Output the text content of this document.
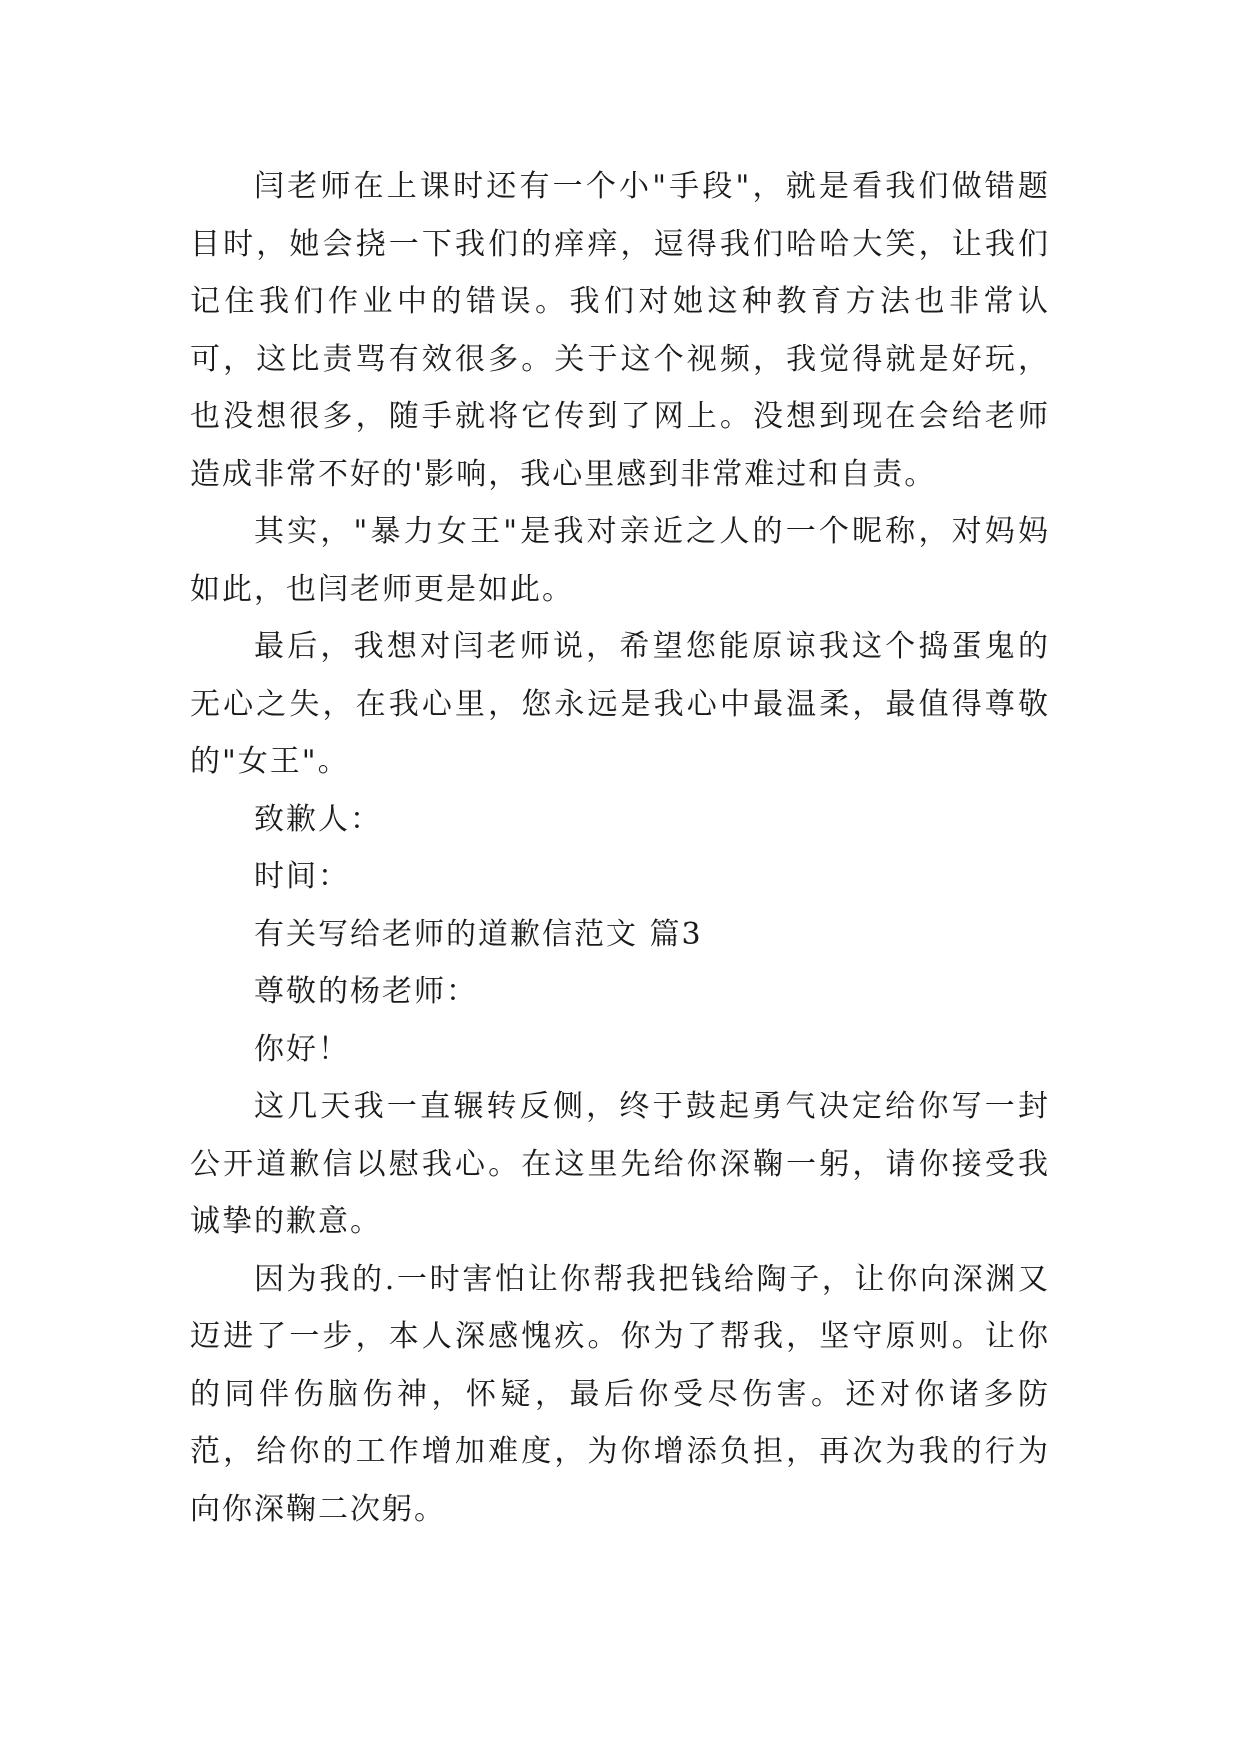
闫老师在上课时还有一个小"手段"，就是看我们做错题目时，她会挠一下我们的痒痒，逗得我们哈哈大笑，让我们记住我们作业中的错误。我们对她这种教育方法也非常认可，这比责骂有效很多。关于这个视频，我觉得就是好玩，也没想很多，随手就将它传到了网上。没想到现在会给老师造成非常不好的'影响，我心里感到非常难过和自责。

其实，"暴力女王"是我对亲近之人的一个昵称，对妈妈如此，也闫老师更是如此。

最后，我想对闫老师说，希望您能原谅我这个捣蛋鬼的无心之失，在我心里，您永远是我心中最温柔，最值得尊敬的"女王"。

致歉人：

时间：

有关写给老师的道歉信范文 篇3

尊敬的杨老师：

你好！

这几天我一直辗转反侧，终于鼓起勇气决定给你写一封公开道歉信以慰我心。在这里先给你深鞠一躬，请你接受我诚挚的歉意。

因为我的.一时害怕让你帮我把钱给陶子，让你向深渊又迈进了一步，本人深感愧疚。你为了帮我，坚守原则。让你的同伴伤脑伤神，怀疑，最后你受尽伤害。还对你诸多防范，给你的工作增加难度，为你增添负担，再次为我的行为向你深鞠二次躬。
